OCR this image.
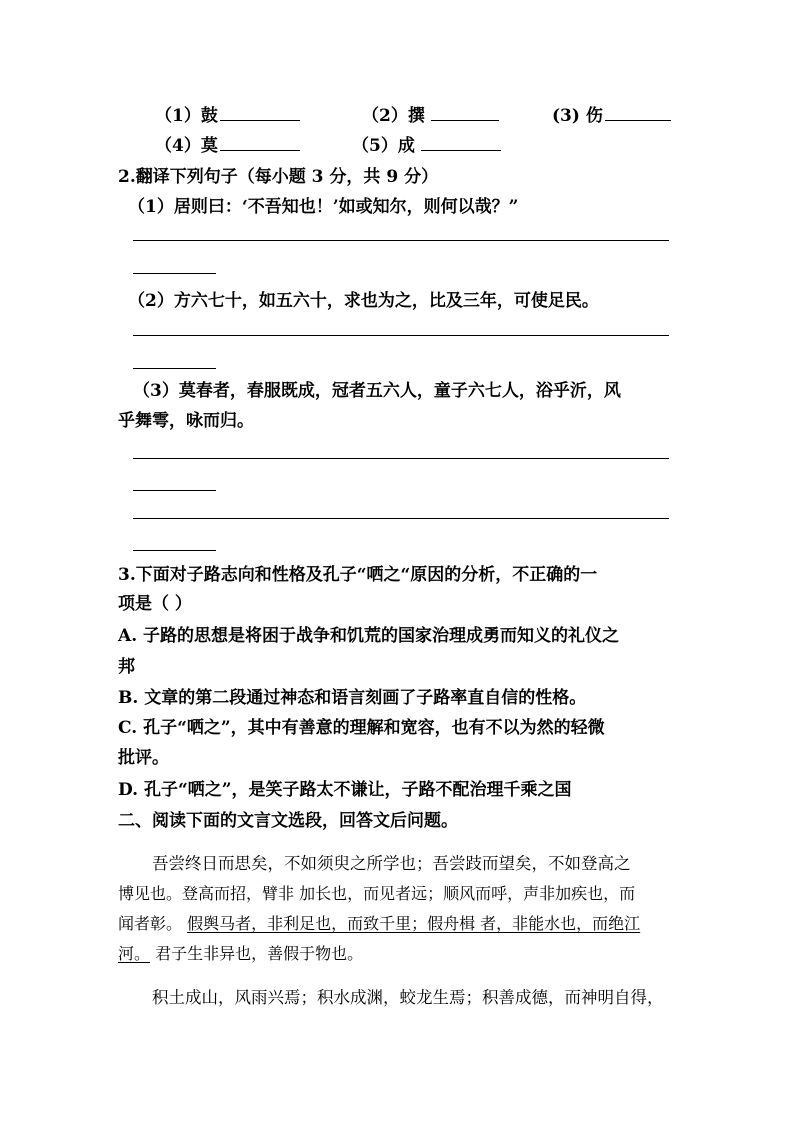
（1）鼓	（2）撰	(3) 伤
（4）莫	（5）成
2.翻译下列句子（每小题 3 分，共 9 分）
（1）居则曰：‘不吾知也！’如或知尔，则何以哉？”
（2）方六七十，如五六十，求也为之，比及三年，可使足民。
（3）莫春者，春服既成，冠者五六人，童子六七人，浴乎沂，风
乎舞雩，咏而归。
3.下面对子路志向和性格及孔子“哂之“原因的分析，不正确的一
项是（ ）
A. 子路的思想是将困于战争和饥荒的国家治理成勇而知义的礼仪之
邦
B. 文章的第二段通过神态和语言刻画了子路率直自信的性格。
C. 孔子“哂之”，其中有善意的理解和宽容，也有不以为然的轻微
批评。
D. 孔子“哂之”，是笑子路太不谦让，子路不配治理千乘之国
二、阅读下面的文言文选段，回答文后问题。
吾尝终日而思矣，不如须臾之所学也；吾尝跂而望矣，不如登高之
博见也。登高而招，臂非 加长也，而见者远；顺风而呼，声非加疾也，而
闻者彰。 假舆马者，非利足也，而致千里；假舟楫 者，非能水也，而绝江
河。 君子生非异也，善假于物也。
积土成山，风雨兴焉；积水成渊，蛟龙生焉；积善成德，而神明自得，
